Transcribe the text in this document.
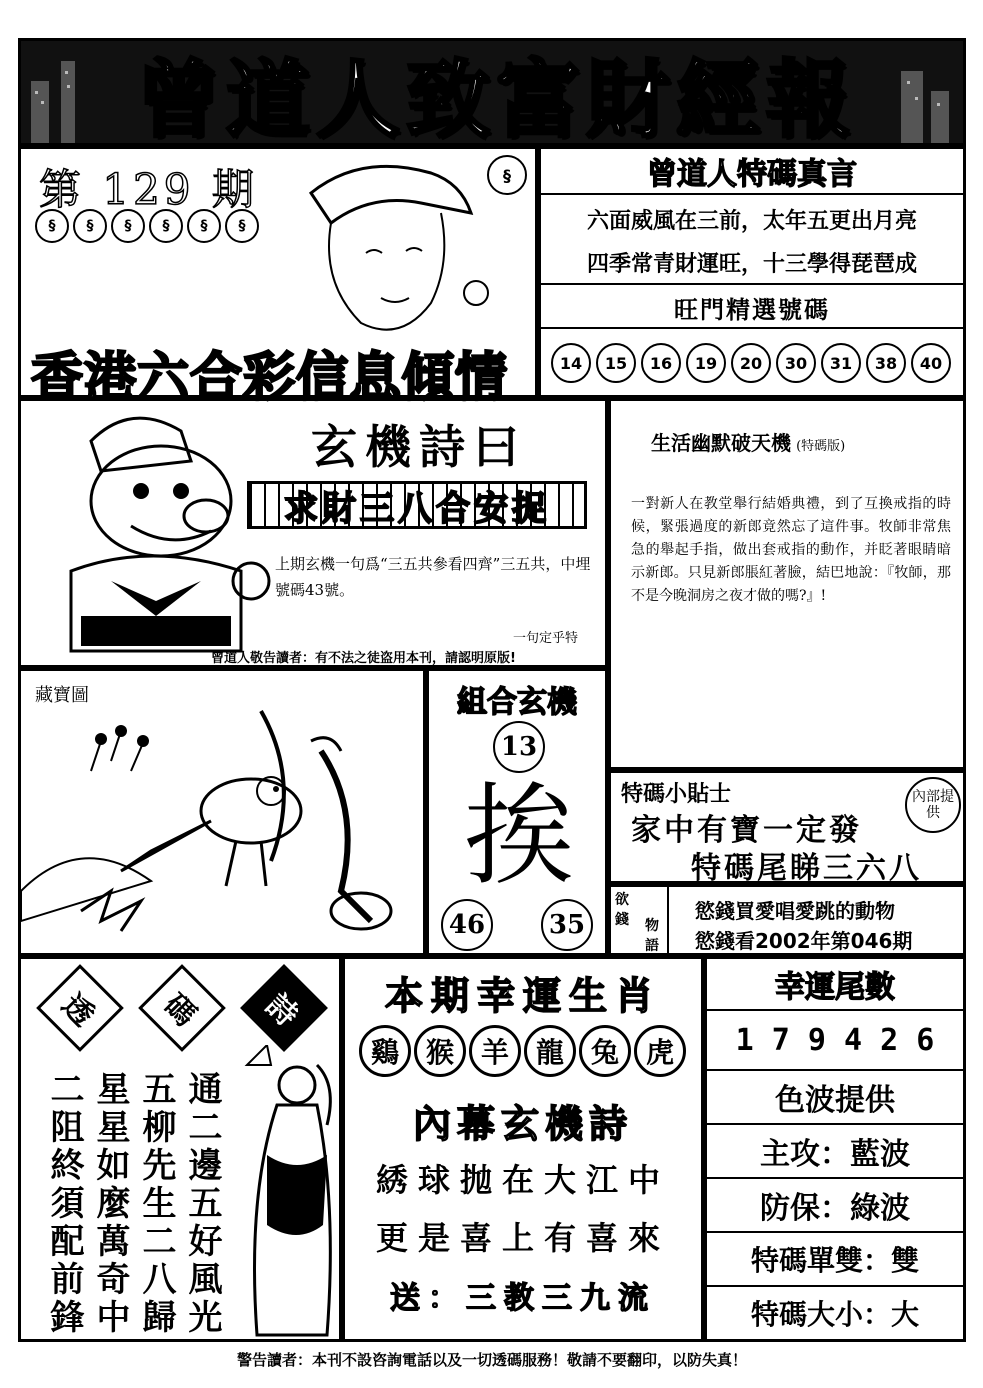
曾道人致富財經報
第 129 期
§	§	§	§	§	§
§
香港六合彩信息傾情
曾道人特碼真言
六面威風在三前，太年五更出月亮
四季常青財運旺，十三學得琵琶成
旺門精選號碼
14	15	16	19	20	30	31	38	40
玄機詩曰
求財三八合安捉
上期玄機一句爲“三五共參看四齊”三五共，中埋號碼43號。
一句定乎特
曾道人敬告讀者：有不法之徒盗用本刊，請認明原版!
生活幽默破天機 (特碼版)
一對新人在教堂舉行結婚典禮，到了互換戒指的時候，緊張過度的新郎竟然忘了這件事。牧師非常焦急的舉起手指，做出套戒指的動作，并眨著眼睛暗示新郎。只見新郎脹紅著臉，結巴地說：『牧師，那不是今晚洞房之夜才做的嗎?』!
藏寶圖	組合玄機
13
挨
46	35
特碼小貼士
家中有寶一定發
特碼尾睇三六八
內部提供
欲
錢 物
語
慾錢買愛唱愛跳的動物
慾錢看2002年第046期
透	碼	詩
通二邊五好風光
五柳先生二八歸
星星如麼萬奇中
二阻終須配前鋒
本期幸運生肖
鷄 猴 羊 龍 兔 虎
內幕玄機詩
綉球抛在大江中
更是喜上有喜來
送：三教三九流
幸運尾數
1 7 9 4 2 6
色波提供
主攻：藍波
防保：綠波
特碼單雙：雙
特碼大小：大
警告讀者：本刊不設咨詢電話以及一切透碼服務！敬請不要翻印，以防失真！
